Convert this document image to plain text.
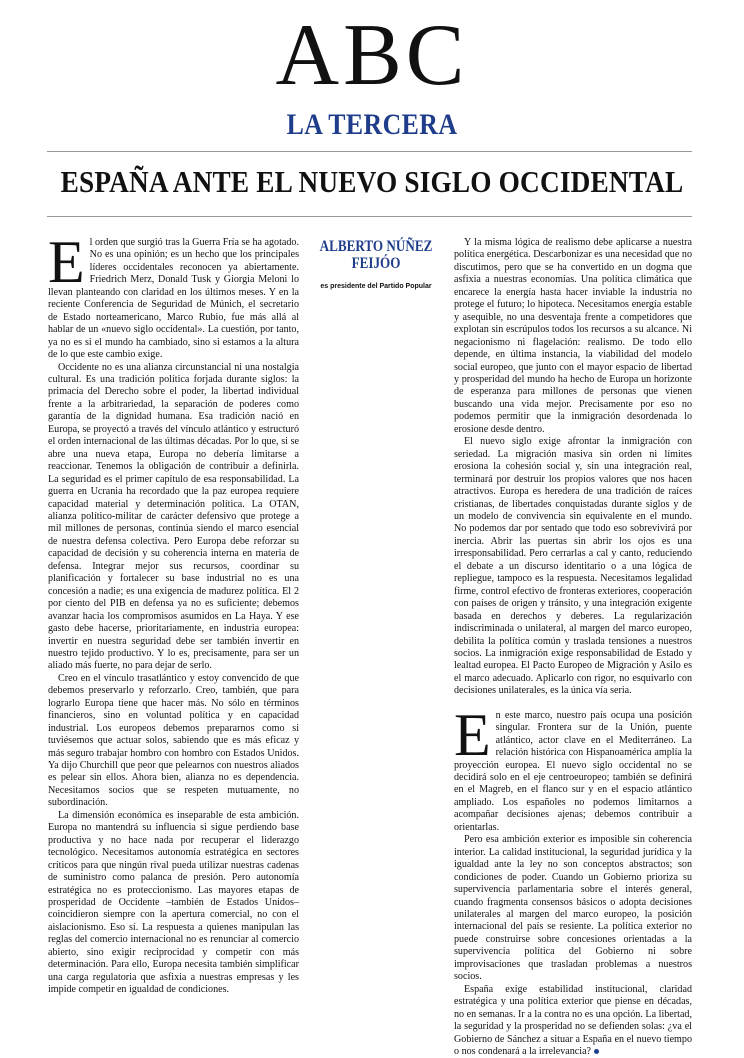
ABC
LA TERCERA
ESPAÑA ANTE EL NUEVO SIGLO OCCIDENTAL

El orden que surgió tras la Guerra Fría se ha agotado. No es una opinión; es un hecho que los principales líderes occidentales reconocen ya abiertamente. Friedrich Merz, Donald Tusk y Giorgia Meloni lo llevan planteando con claridad en los últimos meses. Y en la reciente Conferencia de Seguridad de Múnich, el secretario de Estado norteamericano, Marco Rubio, fue más allá al hablar de un «nuevo siglo occidental». La cuestión, por tanto, ya no es si el mundo ha cambiado, sino si estamos a la altura de lo que este cambio exige.

Occidente no es una alianza circunstancial ni una nostalgia cultural. Es una tradición política forjada durante siglos: la primacía del Derecho sobre el poder, la libertad individual frente a la arbitrariedad, la separación de poderes como garantía de la dignidad humana. Esa tradición nació en Europa, se proyectó a través del vínculo atlántico y estructuró el orden internacional de las últimas décadas. Por lo que, si se abre una nueva etapa, Europa no debería limitarse a reaccionar. Tenemos la obligación de contribuir a definirla. La seguridad es el primer capítulo de esa responsabilidad. La guerra en Ucrania ha recordado que la paz europea requiere capacidad material y determinación política. La OTAN, alianza político-militar de carácter defensivo que protege a mil millones de personas, continúa siendo el marco esencial de nuestra defensa colectiva. Pero Europa debe reforzar su capacidad de decisión y su coherencia interna en materia de defensa. Integrar mejor sus recursos, coordinar su planificación y fortalecer su base industrial no es una concesión a nadie; es una exigencia de madurez política. El 2 por ciento del PIB en defensa ya no es suficiente; debemos avanzar hacia los compromisos asumidos en La Haya. Y ese gasto debe hacerse, prioritariamente, en industria europea: invertir en nuestra seguridad debe ser también invertir en nuestro tejido productivo. Y lo es, precisamente, para ser un aliado más fuerte, no para dejar de serlo.

Creo en el vínculo trasatlántico y estoy convencido de que debemos preservarlo y reforzarlo. Creo, también, que para lograrlo Europa tiene que hacer más. No sólo en términos financieros, sino en voluntad política y en capacidad industrial. Los europeos debemos prepararnos como si tuviésemos que actuar solos, sabiendo que es más eficaz y más seguro trabajar hombro con hombro con Estados Unidos. Ya dijo Churchill que peor que pelearnos con nuestros aliados es pelear sin ellos. Ahora bien, alianza no es dependencia. Necesitamos socios que se respeten mutuamente, no subordinación.

La dimensión económica es inseparable de esta ambición. Europa no mantendrá su influencia si sigue perdiendo base productiva y no hace nada por recuperar el liderazgo tecnológico. Necesitamos autonomía estratégica en sectores críticos para que ningún rival pueda utilizar nuestras cadenas de suministro como palanca de presión. Pero autonomía estratégica no es proteccionismo. Las mayores etapas de prosperidad de Occidente –también de Estados Unidos– coincidieron siempre con la apertura comercial, no con el aislacionismo. Eso sí. La respuesta a quienes manipulan las reglas del comercio internacional no es renunciar al comercio abierto, sino exigir reciprocidad y competir con más determinación. Para ello, Europa necesita también simplificar una carga regulatoria que asfixia a nuestras empresas y les impide competir en igualdad de condiciones.

ALBERTO NÚÑEZ FEIJÓO
es presidente del Partido Popular

Y la misma lógica de realismo debe aplicarse a nuestra política energética. Descarbonizar es una necesidad que no discutimos, pero que se ha convertido en un dogma que asfixia a nuestras economías. Una política climática que encarece la energía hasta hacer inviable la industria no protege el futuro; lo hipoteca. Necesitamos energía estable y asequible, no una desventaja frente a competidores que explotan sin escrúpulos todos los recursos a su alcance. Ni negacionismo ni flagelación: realismo. De todo ello depende, en última instancia, la viabilidad del modelo social europeo, que junto con el mayor espacio de libertad y prosperidad del mundo ha hecho de Europa un horizonte de esperanza para millones de personas que vienen buscando una vida mejor. Precisamente por eso no podemos permitir que la inmigración desordenada lo erosione desde dentro.

El nuevo siglo exige afrontar la inmigración con seriedad. La migración masiva sin orden ni límites erosiona la cohesión social y, sin una integración real, terminará por destruir los propios valores que nos hacen atractivos. Europa es heredera de una tradición de raíces cristianas, de libertades conquistadas durante siglos y de un modelo de convivencia sin equivalente en el mundo. No podemos dar por sentado que todo eso sobrevivirá por inercia. Abrir las puertas sin abrir los ojos es una irresponsabilidad. Pero cerrarlas a cal y canto, reduciendo el debate a un discurso identitario o a una lógica de repliegue, tampoco es la respuesta. Necesitamos legalidad firme, control efectivo de fronteras exteriores, cooperación con países de origen y tránsito, y una integración exigente basada en derechos y deberes. La regularización indiscriminada o unilateral, al margen del marco europeo, debilita la política común y traslada tensiones a nuestros socios. La inmigración exige responsabilidad de Estado y lealtad europea. El Pacto Europeo de Migración y Asilo es el marco adecuado. Aplicarlo con rigor, no esquivarlo con decisiones unilaterales, es la única vía seria.

En este marco, nuestro país ocupa una posición singular. Frontera sur de la Unión, puente atlántico, actor clave en el Mediterráneo. La relación histórica con Hispanoamérica amplía la proyección europea. El nuevo siglo occidental no se decidirá solo en el eje centroeuropeo; también se definirá en el Magreb, en el flanco sur y en el espacio atlántico ampliado. Los españoles no podemos limitarnos a acompañar decisiones ajenas; debemos contribuir a orientarlas.

Pero esa ambición exterior es imposible sin coherencia interior. La calidad institucional, la seguridad jurídica y la igualdad ante la ley no son conceptos abstractos; son condiciones de poder. Cuando un Gobierno prioriza su supervivencia parlamentaria sobre el interés general, cuando fragmenta consensos básicos o adopta decisiones unilaterales al margen del marco europeo, la posición internacional del país se resiente. La política exterior no puede construirse sobre concesiones orientadas a la supervivencia política del Gobierno ni sobre improvisaciones que trasladan problemas a nuestros socios.

España exige estabilidad institucional, claridad estratégica y una política exterior que piense en décadas, no en semanas. Ir a la contra no es una opción. La libertad, la seguridad y la prosperidad no se defienden solas: ¿va el Gobierno de Sánchez a situar a España en el nuevo tiempo o nos condenará a la irrelevancia?
